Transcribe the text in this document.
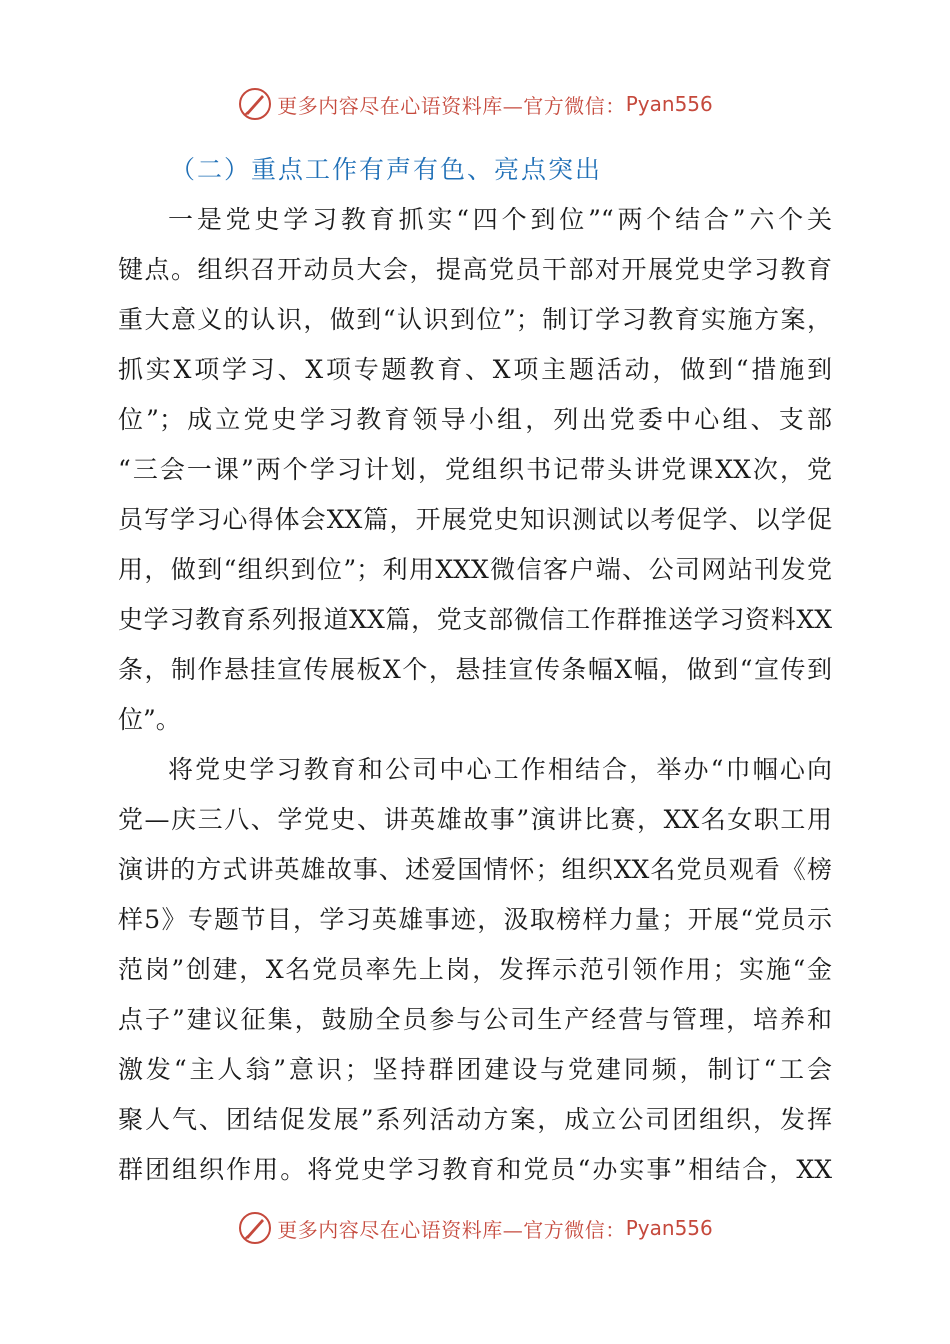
更多内容尽在心语资料库—官方微信： Pyan556
（二）重点工作有声有色、亮点突出
一是党史学习教育抓实“四个到位”“两个结合”六个关
键点。组织召开动员大会，提高党员干部对开展党史学习教育
重大意义的认识，做到“认识到位”；制订学习教育实施方案，
抓实X项学习、X项专题教育、X项主题活动，做到“措施到
位”；成立党史学习教育领导小组，列出党委中心组、支部
“三会一课”两个学习计划，党组织书记带头讲党课XX次，党
员写学习心得体会XX篇，开展党史知识测试以考促学、以学促
用，做到“组织到位”；利用XXX微信客户端、公司网站刊发党
史学习教育系列报道XX篇，党支部微信工作群推送学习资料XX
条，制作悬挂宣传展板X个，悬挂宣传条幅X幅，做到“宣传到
位”。
将党史学习教育和公司中心工作相结合，举办“巾帼心向
党—庆三八、学党史、讲英雄故事”演讲比赛，XX名女职工用
演讲的方式讲英雄故事、述爱国情怀；组织XX名党员观看《榜
样5》专题节目，学习英雄事迹，汲取榜样力量；开展“党员示
范岗”创建，X名党员率先上岗，发挥示范引领作用；实施“金
点子”建议征集，鼓励全员参与公司生产经营与管理，培养和
激发“主人翁”意识；坚持群团建设与党建同频，制订“工会
聚人气、团结促发展”系列活动方案，成立公司团组织，发挥
群团组织作用。将党史学习教育和党员“办实事”相结合，XX
更多内容尽在心语资料库—官方微信： Pyan556
